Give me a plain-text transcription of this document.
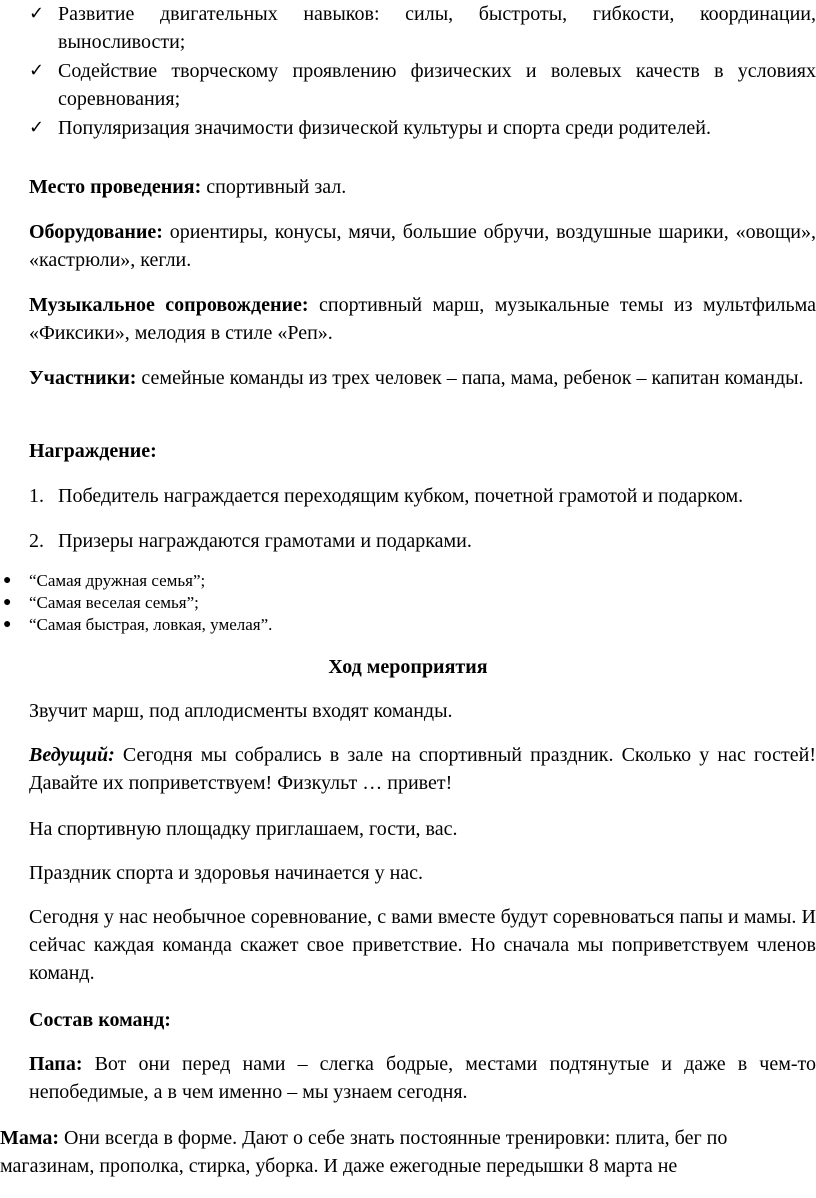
✓ Развитие двигательных навыков: силы, быстроты, гибкости, координации, выносливости;
✓ Содействие творческому проявлению физических и волевых качеств в условиях соревнования;
✓ Популяризация значимости физической культуры и спорта среди родителей.
Место проведения: спортивный зал.
Оборудование: ориентиры, конусы, мячи, большие обручи, воздушные шарики, «овощи», «кастрюли», кегли.
Музыкальное сопровождение: спортивный марш, музыкальные темы из мультфильма «Фиксики», мелодия в стиле «Реп».
Участники: семейные команды из трех человек – папа, мама, ребенок – капитан команды.
Награждение:
1. Победитель награждается переходящим кубком, почетной грамотой и подарком.
2. Призеры награждаются грамотами и подарками.
● “Самая дружная семья”;
● “Самая веселая семья”;
● “Самая быстрая, ловкая, умелая”.
Ход мероприятия
Звучит марш, под аплодисменты входят команды.
Ведущий: Сегодня мы собрались в зале на спортивный праздник. Сколько у нас гостей! Давайте их поприветствуем! Физкульт … привет!
На спортивную площадку приглашаем, гости, вас.
Праздник спорта и здоровья начинается у нас.
Сегодня у нас необычное соревнование, с вами вместе будут соревноваться папы и мамы. И сейчас каждая команда скажет свое приветствие. Но сначала мы поприветствуем членов команд.
Состав команд:
Папа: Вот они перед нами – слегка бодрые, местами подтянутые и даже в чем-то непобедимые, а в чем именно – мы узнаем сегодня.
Мама: Они всегда в форме. Дают о себе знать постоянные тренировки: плита, бег по магазинам, прополка, стирка, уборка. И даже ежегодные передышки 8 марта не
